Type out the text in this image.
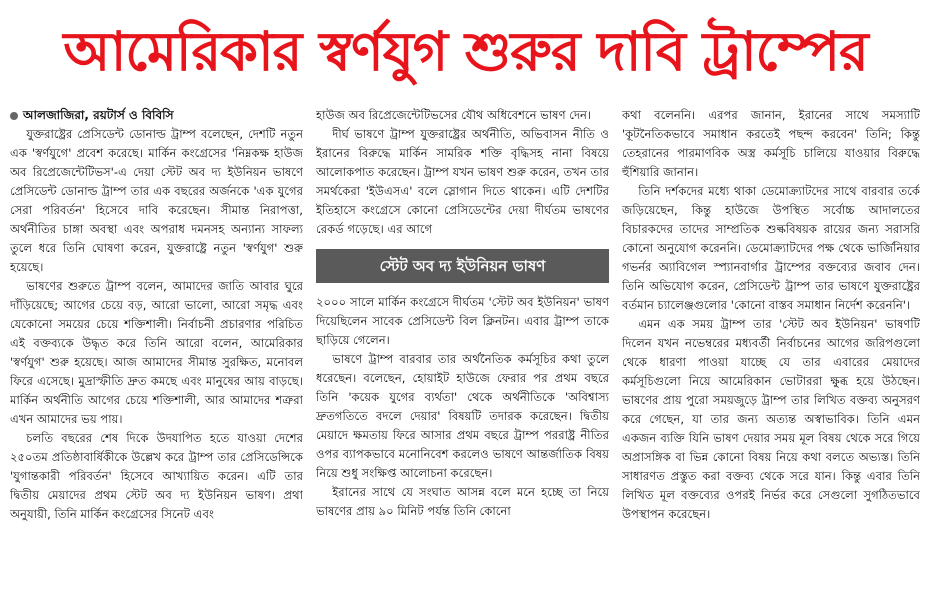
আমেরিকার স্বর্ণযুগ শুরুর দাবি ট্রাম্পের
আলজাজিরা, রয়টার্স ও বিবিসি

যুক্তরাষ্ট্রের প্রেসিডেন্ট ডোনাল্ড ট্রাম্প বলেছেন, দেশটি নতুন এক 'স্বর্ণযুগে' প্রবেশ করেছে। মার্কিন কংগ্রেসের 'নিম্নকক্ষ হাউজ অব রিপ্রেজেন্টেটিভস'-এ দেয়া স্টেট অব দ্য ইউনিয়ন ভাষণে প্রেসিডেন্ট ডোনাল্ড ট্রাম্প তার এক বছরের অর্জনকে 'এক যুগের সেরা পরিবর্তন' হিসেবে দাবি করেছেন। সীমান্ত নিরাপত্তা, অর্থনীতির চাঙ্গা অবস্থা এবং অপরাধ দমনসহ অন্যান্য সাফল্য তুলে ধরে তিনি ঘোষণা করেন, যুক্তরাষ্ট্রে নতুন 'স্বর্ণযুগ' শুরু হয়েছে।

ভাষণের শুরুতে ট্রাম্প বলেন, আমাদের জাতি আবার ঘুরে দাঁড়িয়েছে; আগের চেয়ে বড়, আরো ভালো, আরো সমৃদ্ধ এবং যেকোনো সময়ের চেয়ে শক্তিশালী। নির্বাচনী প্রচারণার পরিচিত এই বক্তব্যকে উদ্ধৃত করে তিনি আরো বলেন, আমেরিকার 'স্বর্ণযুগ' শুরু হয়েছে। আজ আমাদের সীমান্ত সুরক্ষিত, মনোবল ফিরে এসেছে। মুদ্রাস্ফীতি দ্রুত কমছে এবং মানুষের আয় বাড়ছে। মার্কিন অর্থনীতি আগের চেয়ে শক্তিশালী, আর আমাদের শত্রুরা এখন আমাদের ভয় পায়।

চলতি বছরের শেষ দিকে উদযাপিত হতে যাওয়া দেশের ২৫০তম প্রতিষ্ঠাবার্ষিকীকে উল্লেখ করে ট্রাম্প তার প্রেসিডেন্সিকে 'যুগান্তকারী পরিবর্তন' হিসেবে আখ্যায়িত করেন। এটি তার দ্বিতীয় মেয়াদের প্রথম স্টেট অব দ্য ইউনিয়ন ভাষণ। প্রথা অনুযায়ী, তিনি মার্কিন কংগ্রেসের সিনেট এবং

হাউজ অব রিপ্রেজেন্টেটিভসের যৌথ অধিবেশনে ভাষণ দেন।

দীর্ঘ ভাষণে ট্রাম্প যুক্তরাষ্ট্রের অর্থনীতি, অভিবাসন নীতি ও ইরানের বিরুদ্ধে মার্কিন সামরিক শক্তি বৃদ্ধিসহ নানা বিষয়ে আলোকপাত করেছেন। ট্রাম্প যখন ভাষণ শুরু করেন, তখন তার সমর্থকেরা 'ইউএসএ' বলে স্লোগান দিতে থাকেন। এটি দেশটির ইতিহাসে কংগ্রেসে কোনো প্রেসিডেন্টের দেয়া দীর্ঘতম ভাষণের রেকর্ড গড়েছে। এর আগে

স্টেট অব দ্য ইউনিয়ন ভাষণ

২০০০ সালে মার্কিন কংগ্রেসে দীর্ঘতম 'স্টেট অব ইউনিয়ন' ভাষণ দিয়েছিলেন সাবেক প্রেসিডেন্ট বিল ক্লিনটন। এবার ট্রাম্প তাকে ছাড়িয়ে গেলেন।

ভাষণে ট্রাম্প বারবার তার অর্থনৈতিক কর্মসূচির কথা তুলে ধরেছেন। বলেছেন, হোয়াইট হাউজে ফেরার পর প্রথম বছরে তিনি 'কয়েক যুগের ব্যর্থতা' থেকে অর্থনীতিকে 'অবিশ্বাস্য দ্রুতগতিতে বদলে দেয়ার' বিষয়টি তদারক করেছেন। দ্বিতীয় মেয়াদে ক্ষমতায় ফিরে আসার প্রথম বছরে ট্রাম্প পররাষ্ট্র নীতির ওপর ব্যাপকভাবে মনোনিবেশ করলেও ভাষণে আন্তর্জাতিক বিষয় নিয়ে শুধু সংক্ষিপ্ত আলোচনা করেছেন।

ইরানের সাথে যে সংঘাত আসন্ন বলে মনে হচ্ছে তা নিয়ে ভাষণের প্রায় ৯০ মিনিট পর্যন্ত তিনি কোনো

কথা বলেননি। এরপর জানান, ইরানের সাথে সমস্যাটি 'কূটনৈতিকভাবে সমাধান করতেই পছন্দ করবেন' তিনি; কিন্তু তেহরানের পারমাণবিক অস্ত্র কর্মসূচি চালিয়ে যাওয়ার বিরুদ্ধে হুঁশিয়ারি জানান।

তিনি দর্শকদের মধ্যে থাকা ডেমোক্র্যাটদের সাথে বারবার তর্কে জড়িয়েছেন, কিন্তু হাউজে উপস্থিত সর্বোচ্চ আদালতের বিচারকদের তাদের সাম্প্রতিক শুল্কবিষয়ক রায়ের জন্য সরাসরি কোনো অনুযোগ করেননি। ডেমোক্র্যাটদের পক্ষ থেকে ভার্জিনিয়ার গভর্নর অ্যাবিগেল স্প্যানবার্গার ট্রাম্পের বক্তব্যের জবাব দেন। তিনি অভিযোগ করেন, প্রেসিডেন্ট ট্রাম্প তার ভাষণে যুক্তরাষ্ট্রের বর্তমান চ্যালেঞ্জগুলোর 'কোনো বাস্তব সমাধান নির্দেশ করেননি'।

এমন এক সময় ট্রাম্প তার 'স্টেট অব ইউনিয়ন' ভাষণটি দিলেন যখন নভেম্বরের মধ্যবর্তী নির্বাচনের আগের জরিপগুলো থেকে ধারণা পাওয়া যাচ্ছে যে তার এবারের মেয়াদের কর্মসূচিগুলো নিয়ে আমেরিকান ভোটাররা ক্ষুব্ধ হয়ে উঠছেন। ভাষণের প্রায় পুরো সময়জুড়ে ট্রাম্প তার লিখিত বক্তব্য অনুসরণ করে গেছেন, যা তার জন্য অত্যন্ত অস্বাভাবিক। তিনি এমন একজন ব্যক্তি যিনি ভাষণ দেয়ার সময় মূল বিষয় থেকে সরে গিয়ে অপ্রাসঙ্গিক বা ভিন্ন কোনো বিষয় নিয়ে কথা বলতে অভ্যস্ত। তিনি সাধারণত প্রস্তুত করা বক্তব্য থেকে সরে যান। কিন্তু এবার তিনি লিখিত মূল বক্তব্যের ওপরই নির্ভর করে সেগুলো সুগঠিতভাবে উপস্থাপন করেছেন।
